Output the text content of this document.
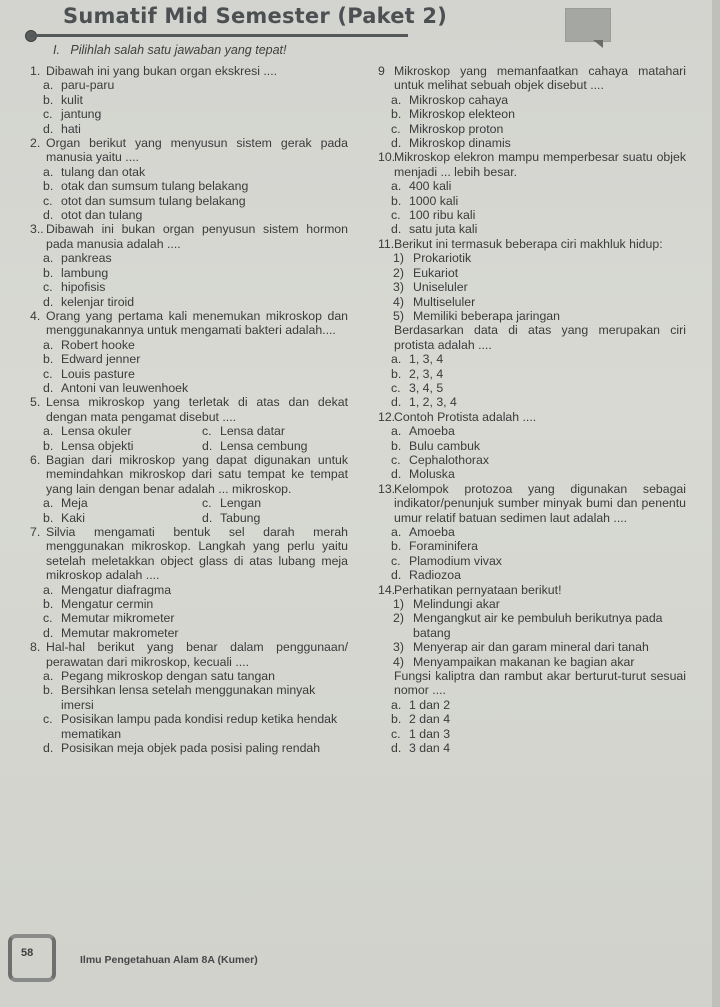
Sumatif Mid Semester (Paket 2)
I. Pilihlah salah satu jawaban yang tepat!
1. Dibawah ini yang bukan organ ekskresi ....
a. paru-paru
b. kulit
c. jantung
d. hati
2. Organ berikut yang menyusun sistem gerak pada manusia yaitu ....
a. tulang dan otak
b. otak dan sumsum tulang belakang
c. otot dan sumsum tulang belakang
d. otot dan tulang
3.. Dibawah ini bukan organ penyusun sistem hormon pada manusia adalah ....
a. pankreas
b. lambung
c. hipofisis
d. kelenjar tiroid
4. Orang yang pertama kali menemukan mikroskop dan menggunakannya untuk mengamati bakteri adalah....
a. Robert hooke
b. Edward jenner
c. Louis pasture
d. Antoni van leuwenhoek
5. Lensa mikroskop yang terletak di atas dan dekat dengan mata pengamat disebut ....
a. Lensa okuler	c. Lensa datar
b. Lensa objekti	d. Lensa cembung
6. Bagian dari mikroskop yang dapat digunakan untuk memindahkan mikroskop dari satu tempat ke tempat yang lain dengan benar adalah ... mikroskop.
a. Meja	c. Lengan
b. Kaki	d. Tabung
7. Silvia mengamati bentuk sel darah merah menggunakan mikroskop. Langkah yang perlu yaitu setelah meletakkan object glass di atas lubang meja mikroskop adalah ....
a. Mengatur diafragma
b. Mengatur cermin
c. Memutar mikrometer
d. Memutar makrometer
8. Hal-hal berikut yang benar dalam penggunaan/ perawatan dari mikroskop, kecuali ....
a. Pegang mikroskop dengan satu tangan
b. Bersihkan lensa setelah menggunakan minyak imersi
c. Posisikan lampu pada kondisi redup ketika hendak mematikan
d. Posisikan meja objek pada posisi paling rendah
9 Mikroskop yang memanfaatkan cahaya matahari untuk melihat sebuah objek disebut ....
a. Mikroskop cahaya
b. Mikroskop elekteon
c. Mikroskop proton
d. Mikroskop dinamis
10.
Mikroskop elekron mampu memperbesar suatu objek menjadi ... lebih besar.
a. 400 kali
b. 1000 kali
c. 100 ribu kali
d. satu juta kali
11. Berikut ini termasuk beberapa ciri makhluk hidup:
1) Prokariotik
2) Eukariot
3) Uniseluler
4) Multiseluler
5) Memiliki beberapa jaringan
Berdasarkan data di atas yang merupakan ciri protista adalah ....
a. 1, 3, 4
b. 2, 3, 4
c. 3, 4, 5
d. 1, 2, 3, 4
12.
Contoh Protista adalah ....
a. Amoeba
b. Bulu cambuk
c. Cephalothorax
d. Moluska
13.
Kelompok protozoa yang digunakan sebagai indikator/penunjuk sumber minyak bumi dan penentu umur relatif batuan sedimen laut adalah ....
a. Amoeba
b. Foraminifera
c. Plamodium vivax
d. Radiozoa
14.
Perhatikan pernyataan berikut!
1) Melindungi akar
2) Mengangkut air ke pembuluh berikutnya pada batang
3) Menyerap air dan garam mineral dari tanah
4) Menyampaikan makanan ke bagian akar
Fungsi kaliptra dan rambut akar berturut-turut sesuai nomor ....
a. 1 dan 2
b. 2 dan 4
c. 1 dan 3
d. 3 dan 4
58
Ilmu Pengetahuan Alam 8A (Kumer)
